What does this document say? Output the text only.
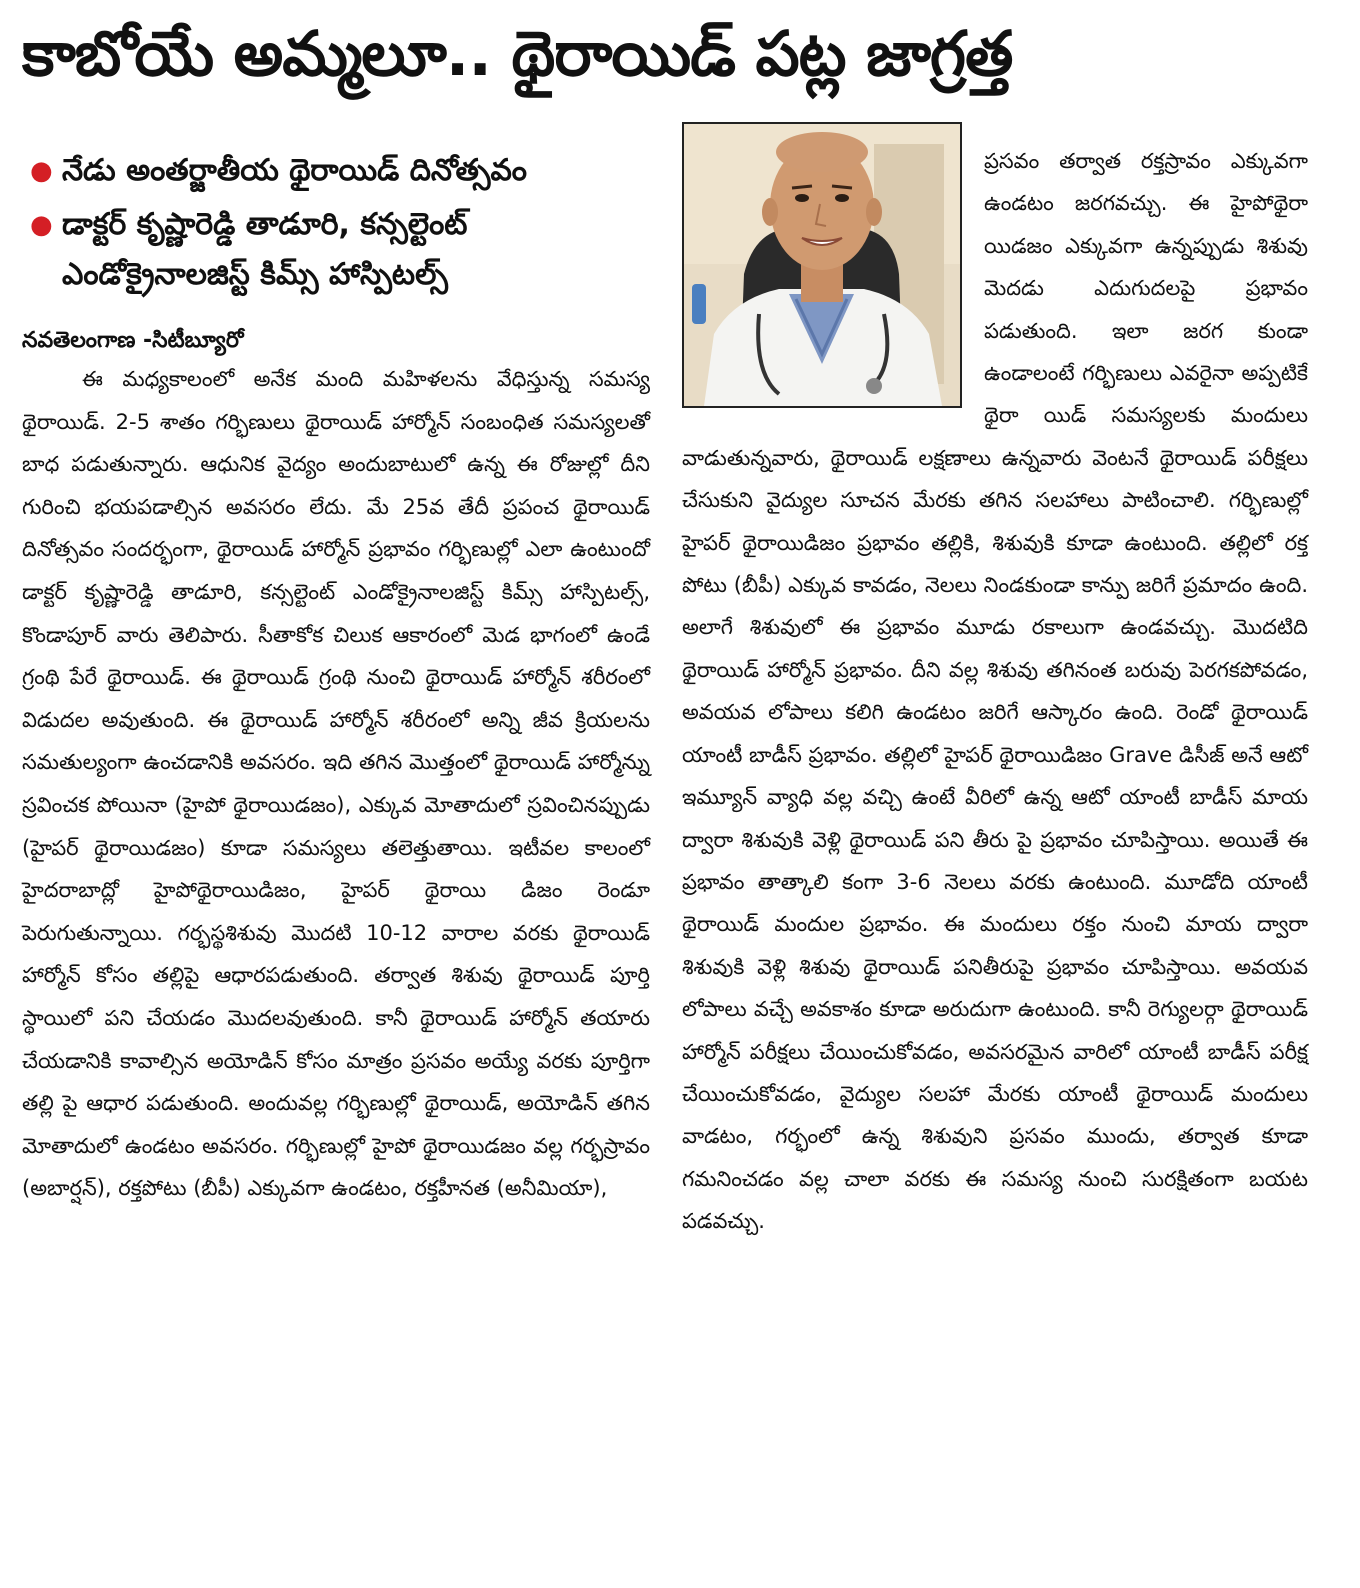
కాబోయే అమ్మలూ.. థైరాయిడ్ పట్ల జాగ్రత్త
● నేడు అంతర్జాతీయ థైరాయిడ్ దినోత్సవం
● డాక్టర్ కృష్ణారెడ్డి తాడూరి, కన్సల్టెంట్ ఎండోక్రైనాలజిస్ట్ కిమ్స్ హాస్పిటల్స్
నవతెలంగాణ -సిటీబ్యూరో

ఈ మధ్యకాలంలో అనేక మంది మహిళలను వేధిస్తున్న సమస్య థైరాయిడ్. 2-5 శాతం గర్భిణులు థైరాయిడ్ హార్మోన్ సంబంధిత సమస్యలతో బాధ పడుతున్నారు. ఆధునిక వైద్యం అందుబాటులో ఉన్న ఈ రోజుల్లో దీని గురించి భయపడాల్సిన అవసరం లేదు. మే 25వ తేదీ ప్రపంచ థైరాయిడ్ దినోత్సవం సందర్భంగా, థైరాయిడ్ హార్మోన్ ప్రభావం గర్భిణుల్లో ఎలా ఉంటుందో డాక్టర్ కృష్ణారెడ్డి తాడూరి, కన్సల్టెంట్ ఎండోక్రైనాలజిస్ట్ కిమ్స్ హాస్పిటల్స్, కొండాపూర్ వారు తెలిపారు. సీతాకోక చిలుక ఆకారంలో మెడ భాగంలో ఉండే గ్రంథి పేరే థైరాయిడ్. ఈ థైరాయిడ్ గ్రంథి నుంచి థైరాయిడ్ హార్మోన్ శరీరంలో విడుదల అవుతుంది. ఈ థైరాయిడ్ హార్మోన్ శరీరంలో అన్ని జీవ క్రియలను సమతుల్యంగా ఉంచడానికి అవసరం. ఇది తగిన మొత్తంలో థైరాయిడ్ హార్మోన్ను స్రవించక పోయినా (హైపో థైరాయిడజం), ఎక్కువ మోతాదులో స్రవించినప్పుడు (హైపర్ థైరాయిడజం) కూడా సమస్యలు తలెత్తుతాయి. ఇటీవల కాలంలో హైదరాబాద్లో హైపోథైరాయిడిజం, హైపర్ థైరాయి డిజం రెండూ పెరుగుతున్నాయి. గర్భస్థశిశువు మొదటి 10-12 వారాల వరకు థైరాయిడ్ హార్మోన్ కోసం తల్లిపై ఆధారపడుతుంది. తర్వాత శిశువు థైరాయిడ్ పూర్తి స్థాయిలో పని చేయడం మొదలవుతుంది. కానీ థైరాయిడ్ హార్మోన్ తయారు చేయడానికి కావాల్సిన అయోడిన్ కోసం మాత్రం ప్రసవం అయ్యే వరకు పూర్తిగా తల్లి పై ఆధార పడుతుంది. అందువల్ల గర్భిణుల్లో థైరాయిడ్, అయోడిన్ తగిన మోతాదులో ఉండటం అవసరం. గర్భిణుల్లో హైపో థైరాయిడజం వల్ల గర్భస్రావం (అబార్షన్), రక్తపోటు (బీపీ) ఎక్కువగా ఉండటం, రక్తహీనత (అనీమియా),

ప్రసవం తర్వాత రక్తస్రావం ఎక్కువగా ఉండటం జరగవచ్చు. ఈ హైపోథైరా యిడజం ఎక్కువగా ఉన్నప్పుడు శిశువు మెదడు ఎదుగుదలపై ప్రభావం పడుతుంది. ఇలా జరగ కుండా ఉండాలంటే గర్భిణులు ఎవరైనా అప్పటికే థైరా యిడ్ సమస్యలకు మందులు వాడుతున్నవారు, థైరాయిడ్ లక్షణాలు ఉన్నవారు వెంటనే థైరాయిడ్ పరీక్షలు చేసుకుని వైద్యుల సూచన మేరకు తగిన సలహాలు పాటించాలి. గర్భిణుల్లో హైపర్ థైరాయిడిజం ప్రభావం తల్లికి, శిశువుకి కూడా ఉంటుంది. తల్లిలో రక్త పోటు (బీపీ) ఎక్కువ కావడం, నెలలు నిండకుండా కాన్పు జరిగే ప్రమాదం ఉంది. అలాగే శిశువులో ఈ ప్రభావం మూడు రకాలుగా ఉండవచ్చు. మొదటిది థైరాయిడ్ హార్మోన్ ప్రభావం. దీని వల్ల శిశువు తగినంత బరువు పెరగకపోవడం, అవయవ లోపాలు కలిగి ఉండటం జరిగే ఆస్కారం ఉంది. రెండో థైరాయిడ్ యాంటీ బాడీస్ ప్రభావం. తల్లిలో హైపర్ థైరాయిడిజం Grave డిసీజ్ అనే ఆటో ఇమ్యూన్ వ్యాధి వల్ల వచ్చి ఉంటే వీరిలో ఉన్న ఆటో యాంటీ బాడీస్ మాయ ద్వారా శిశువుకి వెళ్లి థైరాయిడ్ పని తీరు పై ప్రభావం చూపిస్తాయి. అయితే ఈ ప్రభావం తాత్కాలి కంగా 3-6 నెలలు వరకు ఉంటుంది. మూడోది యాంటీ థైరాయిడ్ మందుల ప్రభావం. ఈ మందులు రక్తం నుంచి మాయ ద్వారా శిశువుకి వెళ్లి శిశువు థైరాయిడ్ పనితీరుపై ప్రభావం చూపిస్తాయి. అవయవ లోపాలు వచ్చే అవకాశం కూడా అరుదుగా ఉంటుంది. కానీ రెగ్యులర్గా థైరాయిడ్ హార్మోన్ పరీక్షలు చేయించుకోవడం, అవసరమైన వారిలో యాంటీ బాడీస్ పరీక్ష చేయించుకోవడం, వైద్యుల సలహా మేరకు యాంటీ థైరాయిడ్ మందులు వాడటం, గర్భంలో ఉన్న శిశువుని ప్రసవం ముందు, తర్వాత కూడా గమనించడం వల్ల చాలా వరకు ఈ సమస్య నుంచి సురక్షితంగా బయట పడవచ్చు.
